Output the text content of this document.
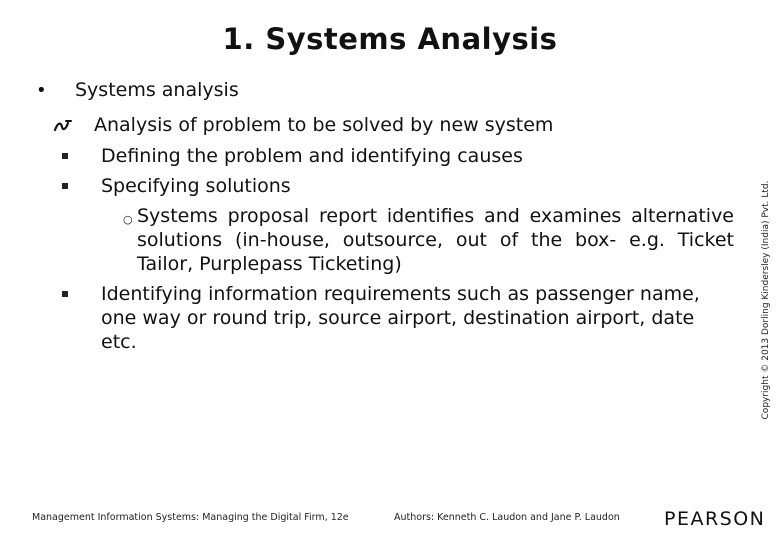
1. Systems Analysis
• Systems analysis
Analysis of problem to be solved by new system
Defining the problem and identifying causes
Specifying solutions
○ Systems proposal report identifies and examines alternative solutions (in-house, outsource, out of the box- e.g. Ticket Tailor, Purplepass Ticketing)
Identifying information requirements such as passenger name, one way or round trip, source airport, destination airport, date etc.	Copyright © 2013 Dorling Kindersley (India) Pvt. Ltd.
Management Information Systems: Managing the Digital Firm, 12e	Authors: Kenneth C. Laudon and Jane P. Laudon PEARSON
